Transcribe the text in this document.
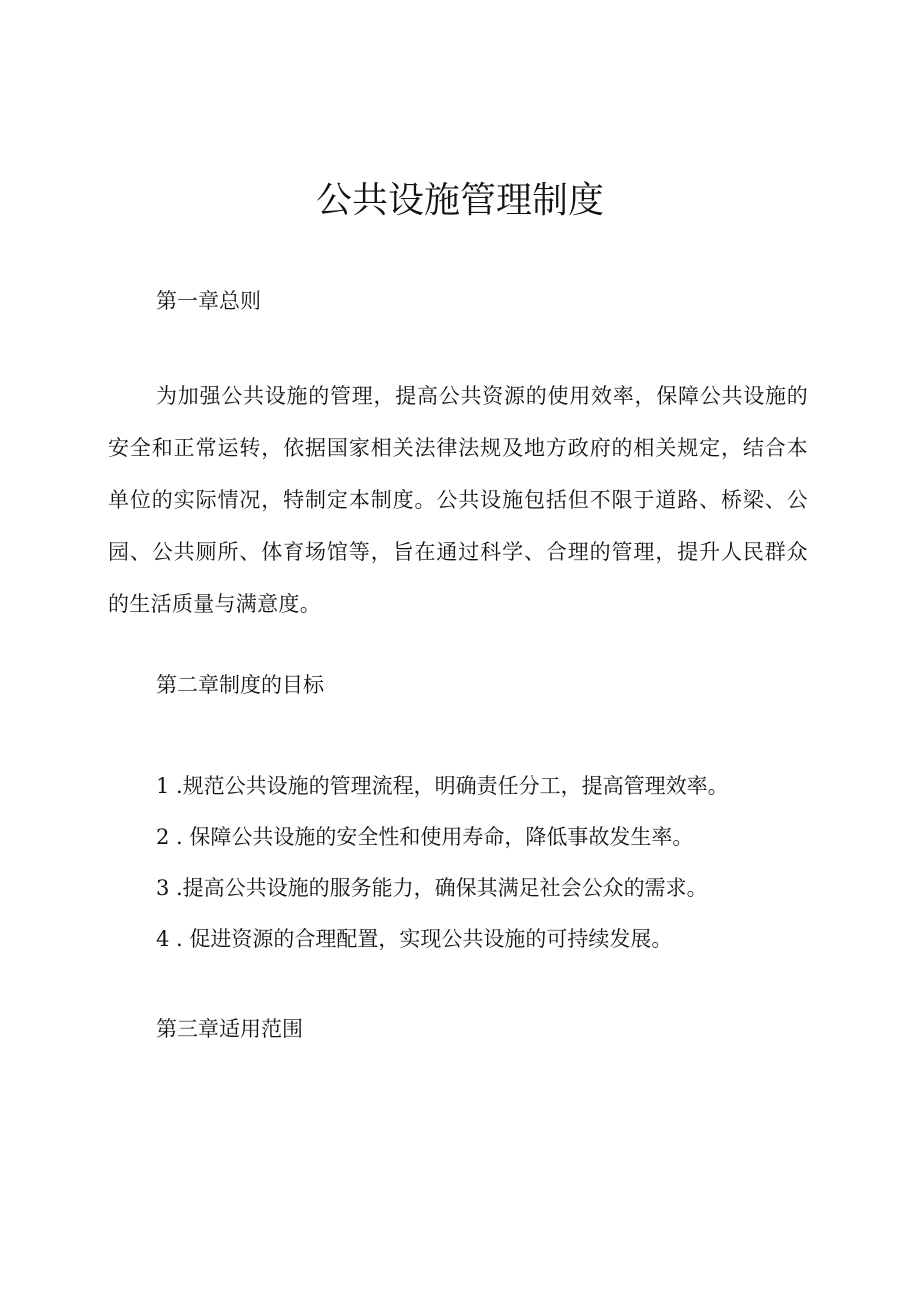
公共设施管理制度
第一章总则

为加强公共设施的管理，提高公共资源的使用效率，保障公共设施的安全和正常运转，依据国家相关法律法规及地方政府的相关规定，结合本单位的实际情况，特制定本制度。公共设施包括但不限于道路、桥梁、公园、公共厕所、体育场馆等，旨在通过科学、合理的管理，提升人民群众的生活质量与满意度。

第二章制度的目标
1 .规范公共设施的管理流程，明确责任分工，提高管理效率。
2 . 保障公共设施的安全性和使用寿命，降低事故发生率。
3 .提高公共设施的服务能力，确保其满足社会公众的需求。
4 . 促进资源的合理配置，实现公共设施的可持续发展。
第三章适用范围
